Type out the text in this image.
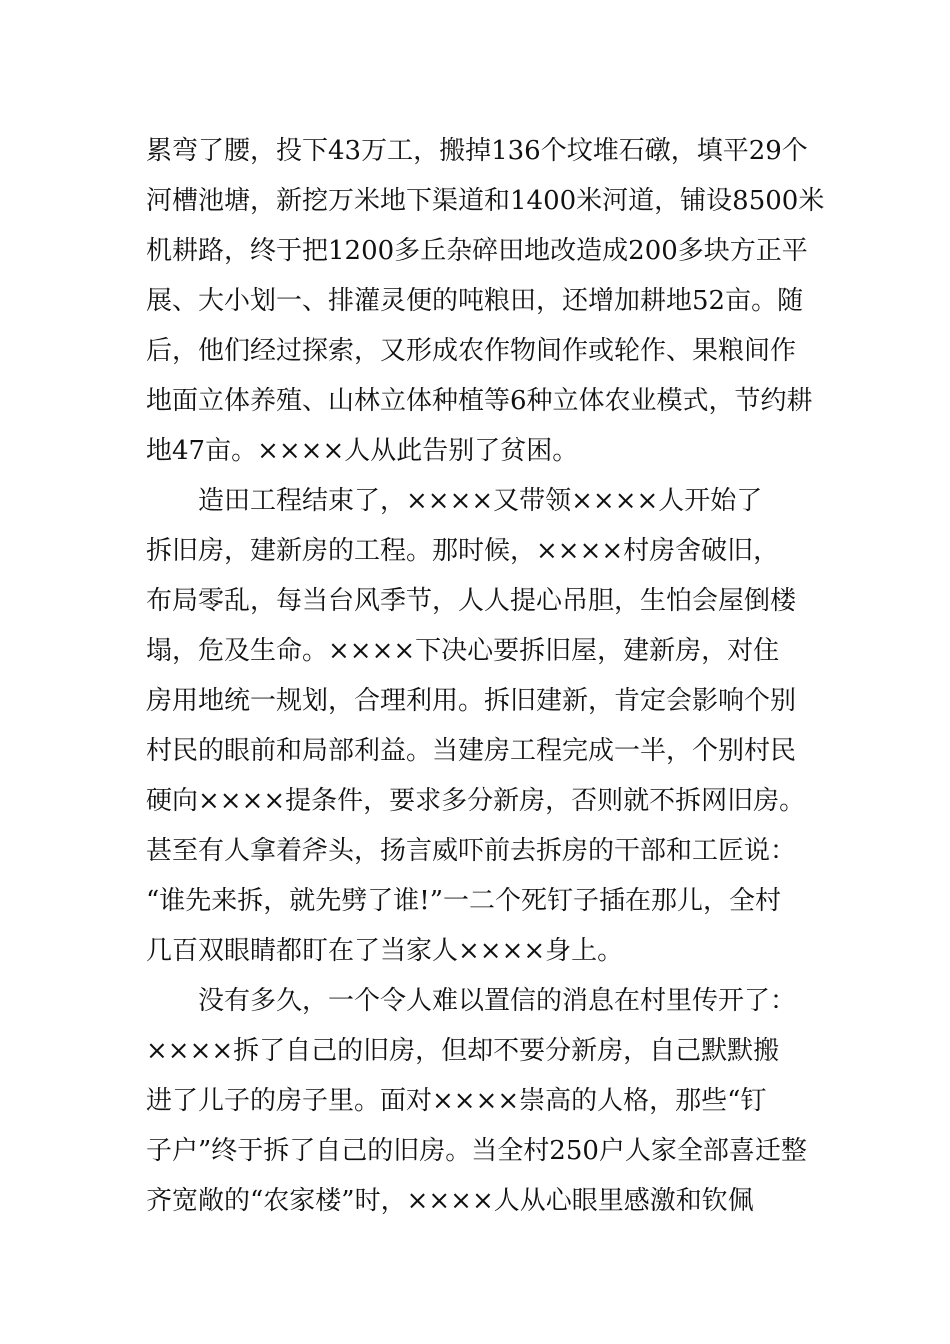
累弯了腰，投下43万工，搬掉136个坟堆石礅，填平29个
河槽池塘，新挖万米地下渠道和1400米河道，铺设8500米
机耕路，终于把1200多丘杂碎田地改造成200多块方正平
展、大小划一、排灌灵便的吨粮田，还增加耕地52亩。随
后，他们经过探索，又形成农作物间作或轮作、果粮间作
地面立体养殖、山林立体种植等6种立体农业模式，节约耕
地47亩。××××人从此告别了贫困。
造田工程结束了，××××又带领××××人开始了
拆旧房，建新房的工程。那时候，××××村房舍破旧，
布局零乱，每当台风季节，人人提心吊胆，生怕会屋倒楼
塌，危及生命。××××下决心要拆旧屋，建新房，对住
房用地统一规划，合理利用。拆旧建新，肯定会影响个别
村民的眼前和局部利益。当建房工程完成一半，个别村民
硬向××××提条件，要求多分新房，否则就不拆网旧房。
甚至有人拿着斧头，扬言威吓前去拆房的干部和工匠说：
“谁先来拆，就先劈了谁!”一二个死钉子插在那儿，全村
几百双眼睛都盯在了当家人××××身上。
没有多久，一个令人难以置信的消息在村里传开了：
××××拆了自己的旧房，但却不要分新房，自己默默搬
进了儿子的房子里。面对××××崇高的人格，那些“钉
子户”终于拆了自己的旧房。当全村250户人家全部喜迁整
齐宽敞的“农家楼”时，××××人从心眼里感激和钦佩
